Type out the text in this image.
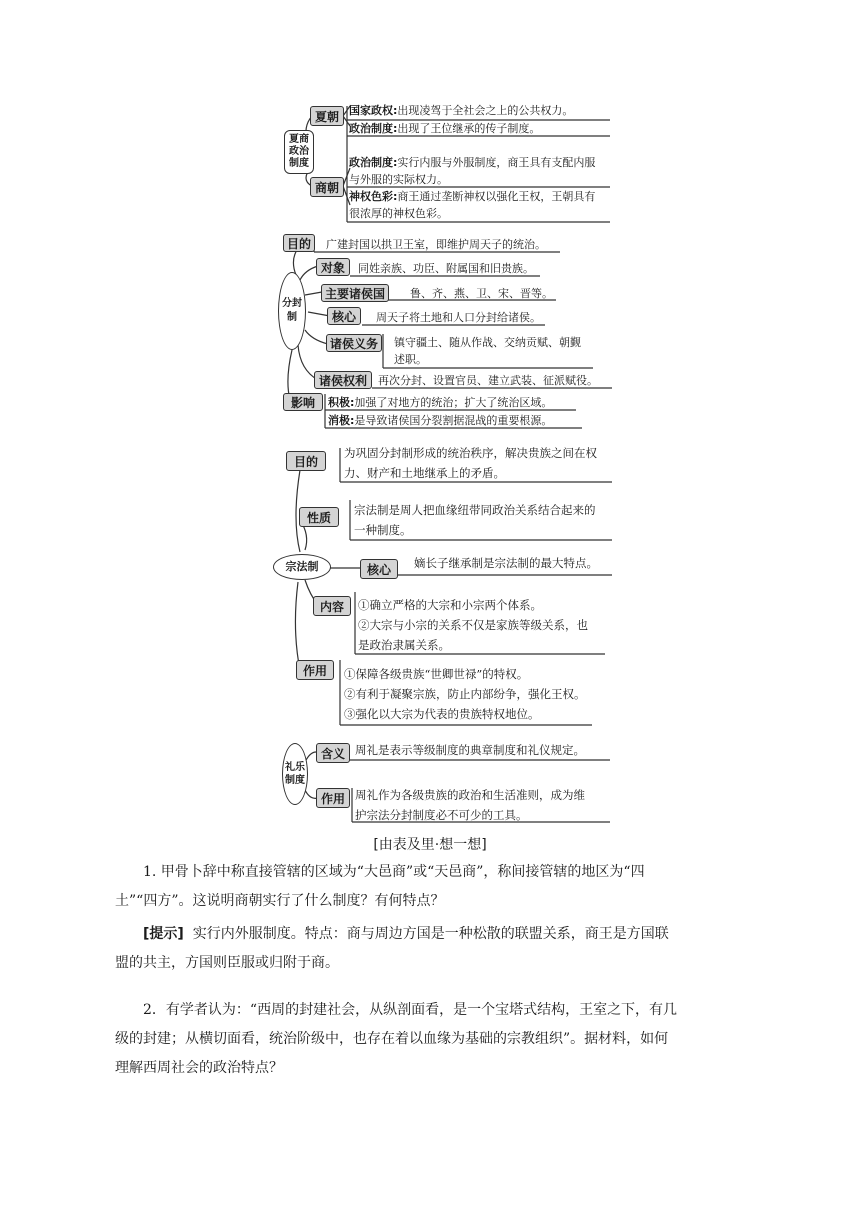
夏商政治制度
夏朝 国家政权:出现凌驾于全社会之上的公共权力。
政治制度:出现了王位继承的传子制度。
商朝
政治制度:实行内服与外服制度，商王具有支配内服
与外服的实际权力。
神权色彩:商王通过垄断神权以强化王权，王朝具有
很浓厚的神权色彩。
分封制
目的	广建封国以拱卫王室，即维护周天子的统治。
对象	同姓亲族、功臣、附属国和旧贵族。
主要诸侯国	鲁、齐、燕、卫、宋、晋等。
核心	周天子将土地和人口分封给诸侯。
诸侯义务	镇守疆土、随从作战、交纳贡赋、朝觐
述职。
诸侯权利	再次分封、设置官员、建立武装、征派赋役。
影响	积极:加强了对地方的统治；扩大了统治区域。
消极:是导致诸侯国分裂割据混战的重要根源。
宗法制
目的
为巩固分封制形成的统治秩序，解决贵族之间在权
力、财产和土地继承上的矛盾。
性质
宗法制是周人把血缘纽带同政治关系结合起来的
一种制度。
核心	嫡长子继承制是宗法制的最大特点。
内容	①确立严格的大宗和小宗两个体系。
②大宗与小宗的关系不仅是家族等级关系，也
是政治隶属关系。
作用	①保障各级贵族“世卿世禄”的特权。
②有利于凝聚宗族，防止内部纷争，强化王权。
③强化以大宗为代表的贵族特权地位。
礼乐制度
含义 周礼是表示等级制度的典章制度和礼仪规定。
作用 周礼作为各级贵族的政治和生活准则，成为维
护宗法分封制度必不可少的工具。
[由表及里·想一想]
1. 甲骨卜辞中称直接管辖的区域为“大邑商”或“天邑商”，称间接管辖的地区为“四
土”“四方”。这说明商朝实行了什么制度？有何特点？
[提示] 实行内外服制度。特点：商与周边方国是一种松散的联盟关系，商王是方国联
盟的共主，方国则臣服或归附于商。
2．有学者认为：“西周的封建社会，从纵剖面看，是一个宝塔式结构，王室之下，有几
级的封建；从横切面看，统治阶级中，也存在着以血缘为基础的宗教组织”。据材料，如何
理解西周社会的政治特点？
